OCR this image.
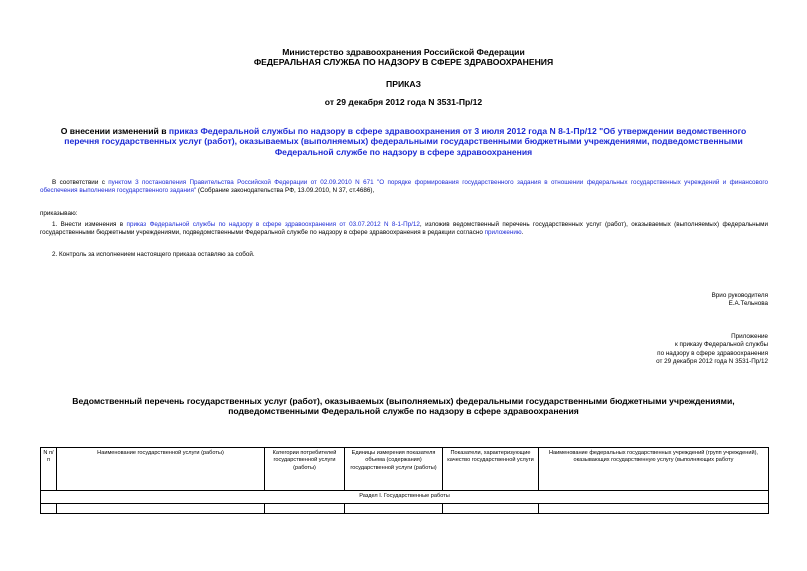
Министерство здравоохранения Российской Федерации
ФЕДЕРАЛЬНАЯ СЛУЖБА ПО НАДЗОРУ В СФЕРЕ ЗДРАВООХРАНЕНИЯ
ПРИКАЗ
от 29 декабря 2012 года N 3531-Пр/12
О внесении изменений в приказ Федеральной службы по надзору в сфере здравоохранения от 3 июля 2012 года N 8-1-Пр/12 "Об утверждении ведомственного перечня государственных услуг (работ), оказываемых (выполняемых) федеральными государственными бюджетными учреждениями, подведомственными Федеральной службе по надзору в сфере здравоохранения
В соответствии с пунктом 3 постановления Правительства Российской Федерации от 02.09.2010 N 671 "О порядке формирования государственного задания в отношении федеральных государственных учреждений и финансового обеспечения выполнения государственного задания" (Собрание законодательства РФ, 13.09.2010, N 37, ст.4686),
приказываю:
1. Внести изменения в приказ Федеральной службы по надзору в сфере здравоохранения от 03.07.2012 N 8-1-Пр/12, изложив ведомственный перечень государственных услуг (работ), оказываемых (выполняемых) федеральными государственными бюджетными учреждениями, подведомственными Федеральной службе по надзору в сфере здравоохранения в редакции согласно приложению.
2. Контроль за исполнением настоящего приказа оставляю за собой.
Врио руководителя
Е.А.Тельнова
Приложение
к приказу Федеральной службы
по надзору в сфере здравоохранения
от 29 декабря 2012 года N 3531-Пр/12
Ведомственный перечень государственных услуг (работ), оказываемых (выполняемых) федеральными государственными бюджетными учреждениями,
подведомственными Федеральной службе по надзору в сфере здравоохранения
N п/п	Наименование государственной услуги (работы)	Категории потребителей государственной услуги (работы)	Единицы измерения показателя объема (содержания) государственной услуги (работы)	Показатели, характеризующие качество государственной услуги	Наименование федеральных государственных учреждений (групп учреждений), оказывающих государственную услугу (выполняющих работу
Раздел I. Государственные работы					
